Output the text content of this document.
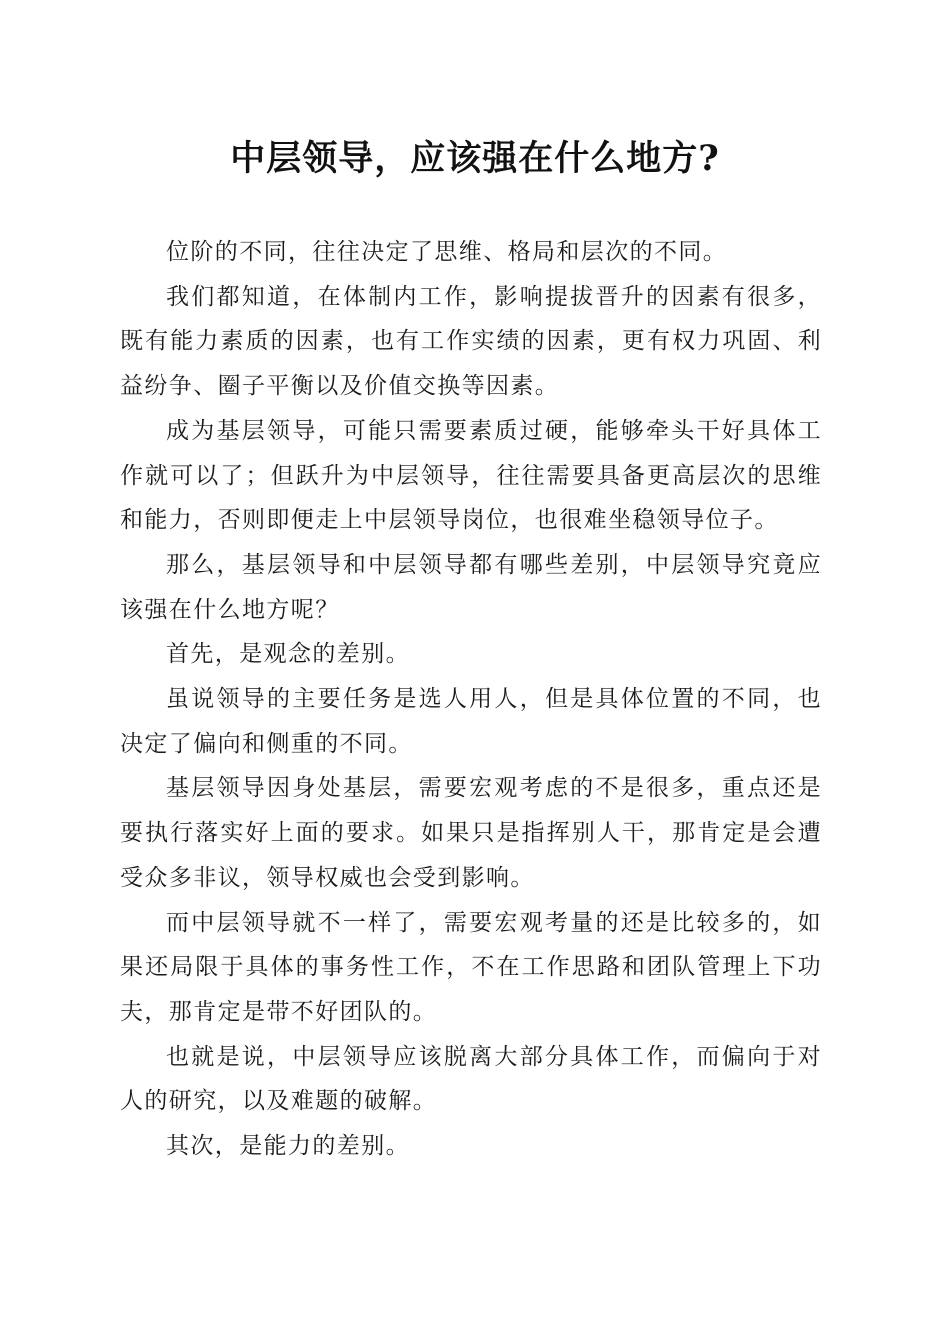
中层领导，应该强在什么地方?

位阶的不同，往往决定了思维、格局和层次的不同。

我们都知道，在体制内工作，影响提拔晋升的因素有很多，既有能力素质的因素，也有工作实绩的因素，更有权力巩固、利益纷争、圈子平衡以及价值交换等因素。

成为基层领导，可能只需要素质过硬，能够牵头干好具体工作就可以了；但跃升为中层领导，往往需要具备更高层次的思维和能力，否则即便走上中层领导岗位，也很难坐稳领导位子。

那么，基层领导和中层领导都有哪些差别，中层领导究竟应该强在什么地方呢？

首先，是观念的差别。

虽说领导的主要任务是选人用人，但是具体位置的不同，也决定了偏向和侧重的不同。

基层领导因身处基层，需要宏观考虑的不是很多，重点还是要执行落实好上面的要求。如果只是指挥别人干，那肯定是会遭受众多非议，领导权威也会受到影响。

而中层领导就不一样了，需要宏观考量的还是比较多的，如果还局限于具体的事务性工作，不在工作思路和团队管理上下功夫，那肯定是带不好团队的。

也就是说，中层领导应该脱离大部分具体工作，而偏向于对人的研究，以及难题的破解。

其次，是能力的差别。
